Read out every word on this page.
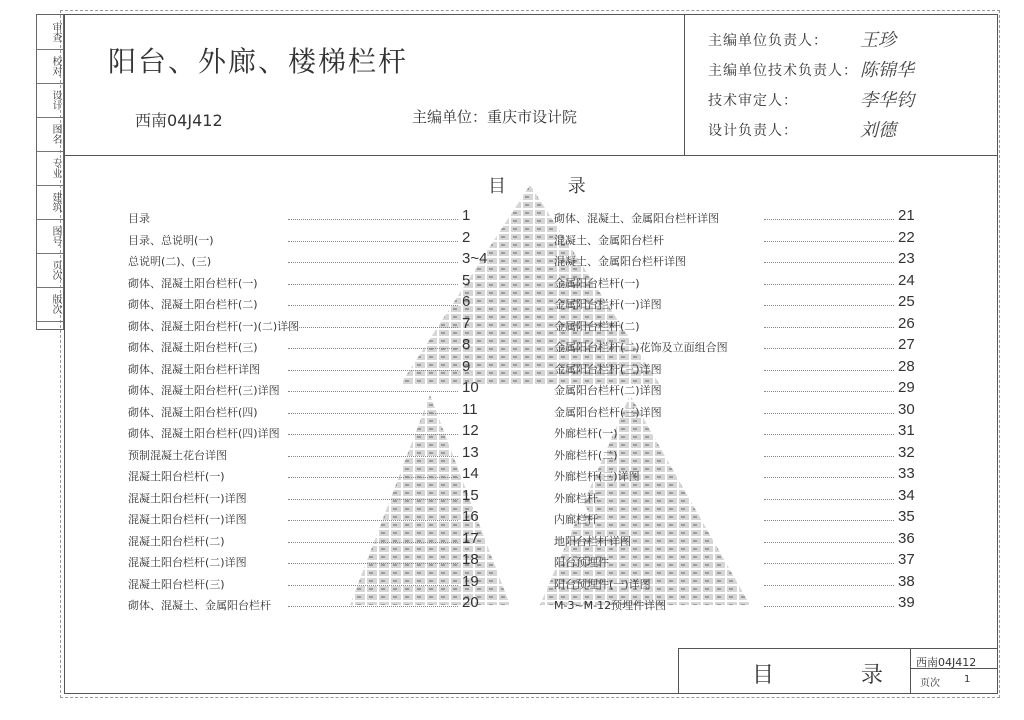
审查
校对
设计
图名
专业
建筑
图号
页次
版次
阳台、外廊、楼梯栏杆
西南04J412	主编单位：重庆市设计院
主编单位负责人： 王珍
主编单位技术负责人： 陈锦华
技术审定人：	李华钧
设计负责人：	刘德
目 录
目录	1
目录、总说明(一)	2
总说明(二)、(三)	3~4
砌体、混凝土阳台栏杆(一)	5
砌体、混凝土阳台栏杆(二)	6
砌体、混凝土阳台栏杆(一)(二)详图	7
砌体、混凝土阳台栏杆(三)	8
砌体、混凝土阳台栏杆详图	9
砌体、混凝土阳台栏杆(三)详图	10
砌体、混凝土阳台栏杆(四)	11
砌体、混凝土阳台栏杆(四)详图	12
预制混凝土花台详图	13
混凝土阳台栏杆(一)	14
混凝土阳台栏杆(一)详图	15
混凝土阳台栏杆(一)详图	16
混凝土阳台栏杆(二)	17
混凝土阳台栏杆(二)详图	18
混凝土阳台栏杆(三)	19
砌体、混凝土、金属阳台栏杆	20
砌体、混凝土、金属阳台栏杆详图	21
混凝土、金属阳台栏杆	22
混凝土、金属阳台栏杆详图	23
金属阳台栏杆(一)	24
金属阳台栏杆(一)详图	25
金属阳台栏杆(二)	26
金属阳台栏杆(二)花饰及立面组合图	27
金属阳台栏杆(三)详图	28
金属阳台栏杆(二)详图	29
金属阳台栏杆(三)详图	30
外廊栏杆(一)	31
外廊栏杆(二)	32
外廊栏杆(三)详图	33
外廊栏杆	34
内廊栏杆	35
地阳台栏杆详图	36
阳台预埋件	37
阳台预埋件(一)详图	38
M-3~M-12预埋件详图	39
目 录
西南04J412
页次 1
